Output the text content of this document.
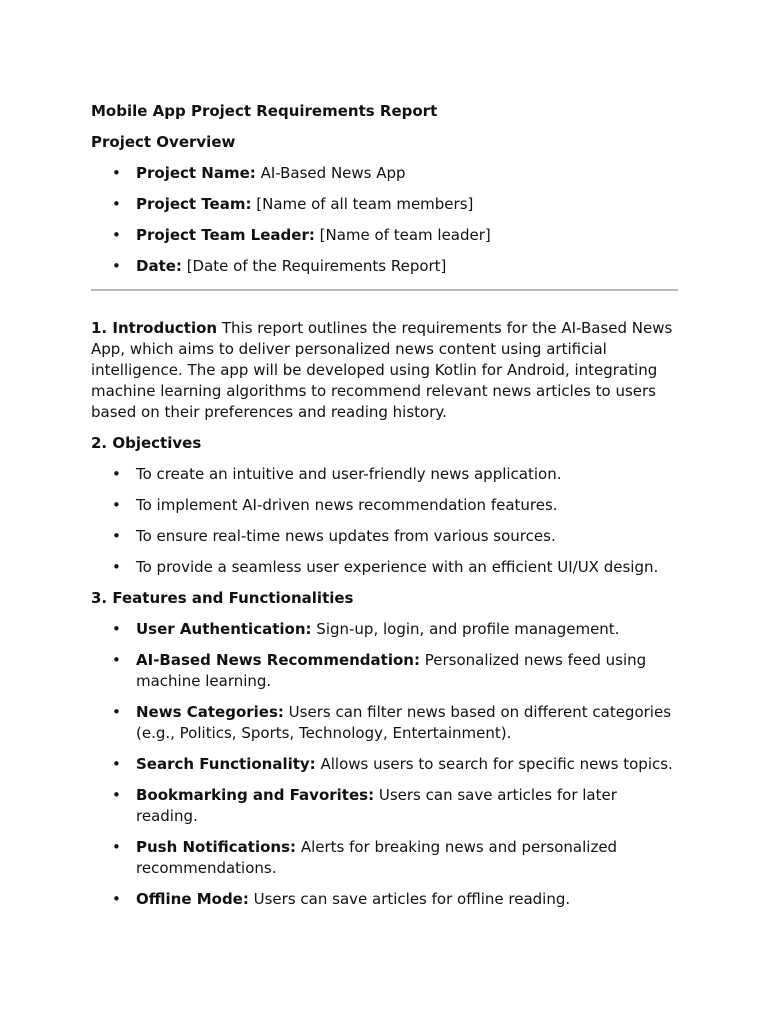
Mobile App Project Requirements Report

Project Overview

• Project Name: AI-Based News App
• Project Team: [Name of all team members]
• Project Team Leader: [Name of team leader]
• Date: [Date of the Requirements Report]

1. Introduction This report outlines the requirements for the AI-Based News App, which aims to deliver personalized news content using artificial intelligence. The app will be developed using Kotlin for Android, integrating machine learning algorithms to recommend relevant news articles to users based on their preferences and reading history.

2. Objectives

• To create an intuitive and user-friendly news application.
• To implement AI-driven news recommendation features.
• To ensure real-time news updates from various sources.
• To provide a seamless user experience with an efficient UI/UX design.

3. Features and Functionalities

• User Authentication: Sign-up, login, and profile management.
• AI-Based News Recommendation: Personalized news feed using machine learning.
• News Categories: Users can filter news based on different categories (e.g., Politics, Sports, Technology, Entertainment).
• Search Functionality: Allows users to search for specific news topics.
• Bookmarking and Favorites: Users can save articles for later reading.
• Push Notifications: Alerts for breaking news and personalized recommendations.
• Offline Mode: Users can save articles for offline reading.
